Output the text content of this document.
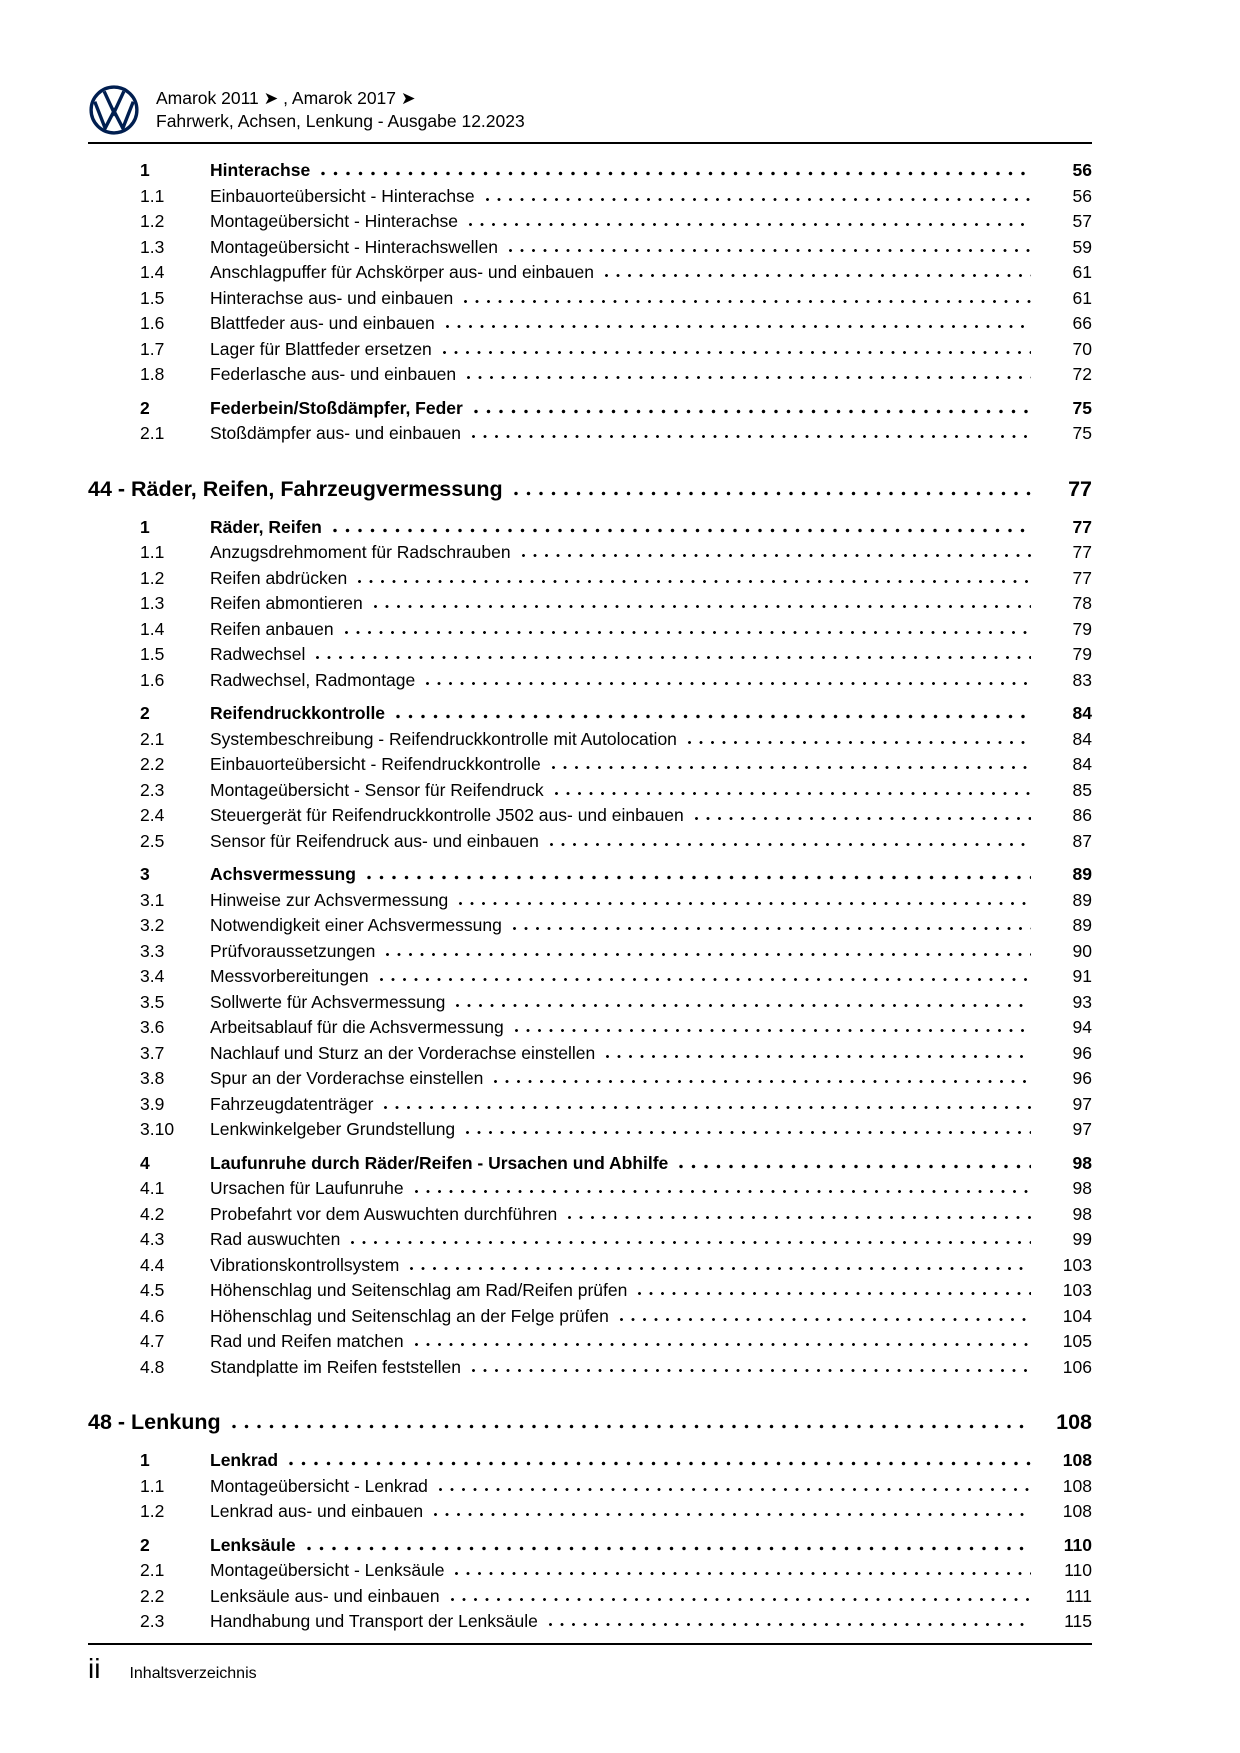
Amarok 2011 ➤ , Amarok 2017 ➤
Fahrwerk, Achsen, Lenkung - Ausgabe 12.2023
1	Hinterachse	56
1.1	Einbauorteübersicht - Hinterachse	56
1.2	Montageübersicht - Hinterachse	57
1.3	Montageübersicht - Hinterachswellen	59
1.4	Anschlagpuffer für Achskörper aus- und einbauen	61
1.5	Hinterachse aus- und einbauen	61
1.6	Blattfeder aus- und einbauen	66
1.7	Lager für Blattfeder ersetzen	70
1.8	Federlasche aus- und einbauen	72
2	Federbein/Stoßdämpfer, Feder	75
2.1	Stoßdämpfer aus- und einbauen	75
44 - Räder, Reifen, Fahrzeugvermessung	77
1	Räder, Reifen	77
1.1	Anzugsdrehmoment für Radschrauben	77
1.2	Reifen abdrücken	77
1.3	Reifen abmontieren	78
1.4	Reifen anbauen	79
1.5	Radwechsel	79
1.6	Radwechsel, Radmontage	83
2	Reifendruckkontrolle	84
2.1	Systembeschreibung - Reifendruckkontrolle mit Autolocation	84
2.2	Einbauorteübersicht - Reifendruckkontrolle	84
2.3	Montageübersicht - Sensor für Reifendruck	85
2.4	Steuergerät für Reifendruckkontrolle J502 aus- und einbauen	86
2.5	Sensor für Reifendruck aus- und einbauen	87
3	Achsvermessung	89
3.1	Hinweise zur Achsvermessung	89
3.2	Notwendigkeit einer Achsvermessung	89
3.3	Prüfvoraussetzungen	90
3.4	Messvorbereitungen	91
3.5	Sollwerte für Achsvermessung	93
3.6	Arbeitsablauf für die Achsvermessung	94
3.7	Nachlauf und Sturz an der Vorderachse einstellen	96
3.8	Spur an der Vorderachse einstellen	96
3.9	Fahrzeugdatenträger	97
3.10	Lenkwinkelgeber Grundstellung	97
4	Laufunruhe durch Räder/Reifen - Ursachen und Abhilfe	98
4.1	Ursachen für Laufunruhe	98
4.2	Probefahrt vor dem Auswuchten durchführen	98
4.3	Rad auswuchten	99
4.4	Vibrationskontrollsystem	103
4.5	Höhenschlag und Seitenschlag am Rad/Reifen prüfen	103
4.6	Höhenschlag und Seitenschlag an der Felge prüfen	104
4.7	Rad und Reifen matchen	105
4.8	Standplatte im Reifen feststellen	106
48 - Lenkung	108
1	Lenkrad	108
1.1	Montageübersicht - Lenkrad	108
1.2	Lenkrad aus- und einbauen	108
2	Lenksäule	110
2.1	Montageübersicht - Lenksäule	110
2.2	Lenksäule aus- und einbauen	111
2.3	Handhabung und Transport der Lenksäule	115
ii Inhaltsverzeichnis
